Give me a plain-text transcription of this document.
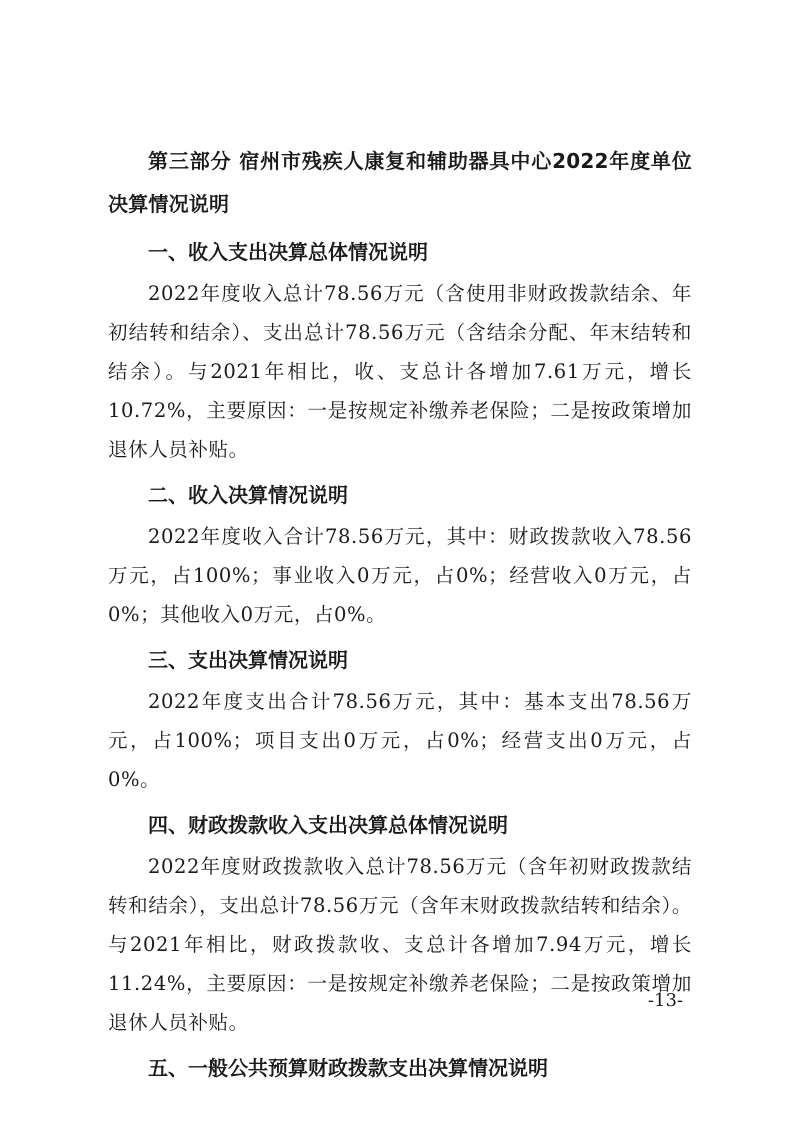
第三部分 宿州市残疾人康复和辅助器具中心2022年度单位决算情况说明

一、收入支出决算总体情况说明

2022年度收入总计78.56万元（含使用非财政拨款结余、年初结转和结余）、支出总计78.56万元（含结余分配、年末结转和结余）。与2021年相比，收、支总计各增加7.61万元，增长10.72%，主要原因：一是按规定补缴养老保险；二是按政策增加退休人员补贴。

二、收入决算情况说明

2022年度收入合计78.56万元，其中：财政拨款收入78.56万元，占100%；事业收入0万元，占0%；经营收入0万元，占0%；其他收入0万元，占0%。

三、支出决算情况说明

2022年度支出合计78.56万元，其中：基本支出78.56万元，占100%；项目支出0万元，占0%；经营支出0万元，占0%。

四、财政拨款收入支出决算总体情况说明

2022年度财政拨款收入总计78.56万元（含年初财政拨款结转和结余），支出总计78.56万元（含年末财政拨款结转和结余）。与2021年相比，财政拨款收、支总计各增加7.94万元，增长11.24%，主要原因：一是按规定补缴养老保险；二是按政策增加退休人员补贴。

五、一般公共预算财政拨款支出决算情况说明

-13-
